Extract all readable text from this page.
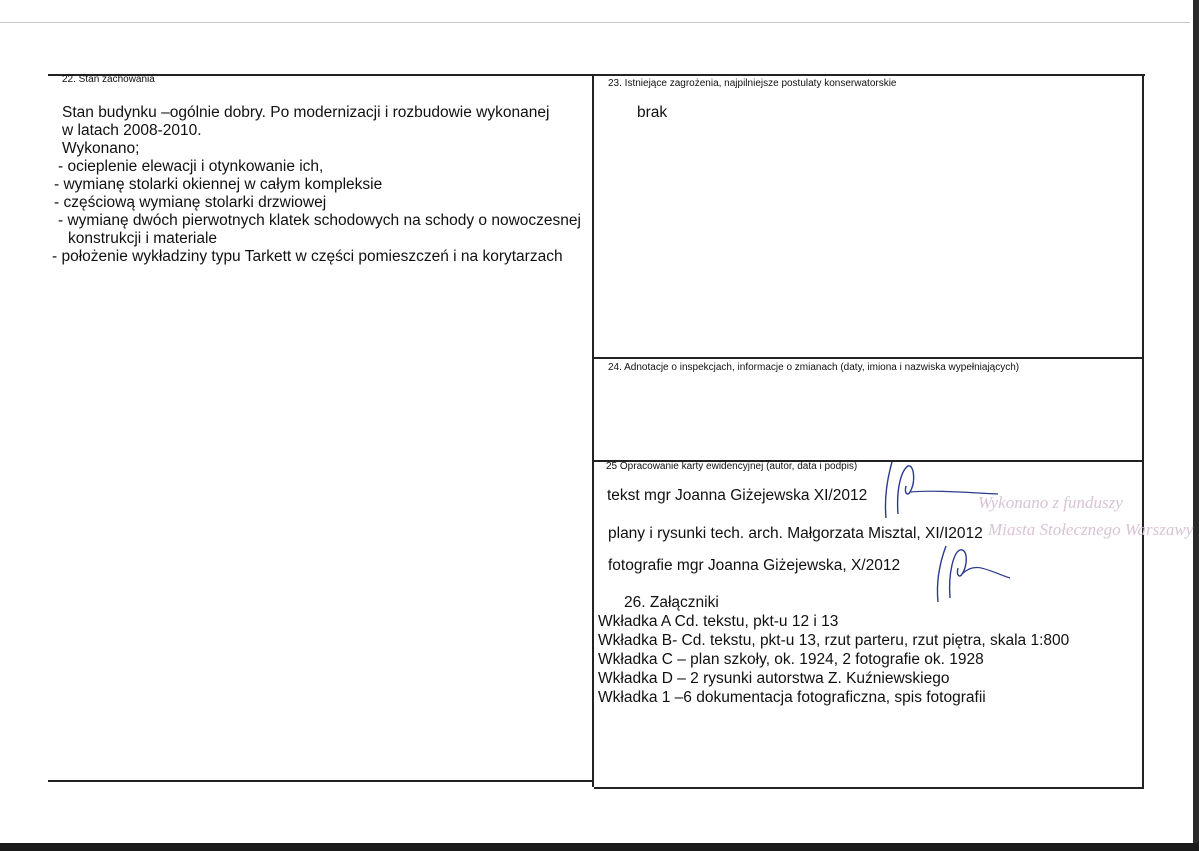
22. Stan zachowania
Stan budynku –ogólnie dobry. Po modernizacji i rozbudowie wykonanej
w latach 2008-2010.
Wykonano;
- ocieplenie elewacji i otynkowanie ich,
- wymianę stolarki okiennej w całym kompleksie
- częściową wymianę stolarki drzwiowej
- wymianę dwóch pierwotnych klatek schodowych na schody o nowoczesnej
konstrukcji i materiale
- położenie wykładziny typu Tarkett w części pomieszczeń i na korytarzach
23. Istniejące zagrożenia, najpilniejsze postulaty konserwatorskie
brak
24. Adnotacje o inspekcjach, informacje o zmianach (daty, imiona i nazwiska wypełniających)
Wykonano z funduszy
Miasta Stołecznego Warszawy
25 Opracowanie karty ewidencyjnej (autor, data i podpis)
tekst mgr Joanna Giżejewska XI/2012
plany i rysunki tech. arch. Małgorzata Misztal, XI/I2012
fotografie mgr Joanna Giżejewska, X/2012
26. Załączniki
Wkładka A Cd. tekstu, pkt-u 12 i 13
Wkładka B- Cd. tekstu, pkt-u 13, rzut parteru, rzut piętra, skala 1:800
Wkładka C – plan szkoły, ok. 1924, 2 fotografie ok. 1928
Wkładka D – 2 rysunki autorstwa Z. Kuźniewskiego
Wkładka 1 –6 dokumentacja fotograficzna, spis fotografii
